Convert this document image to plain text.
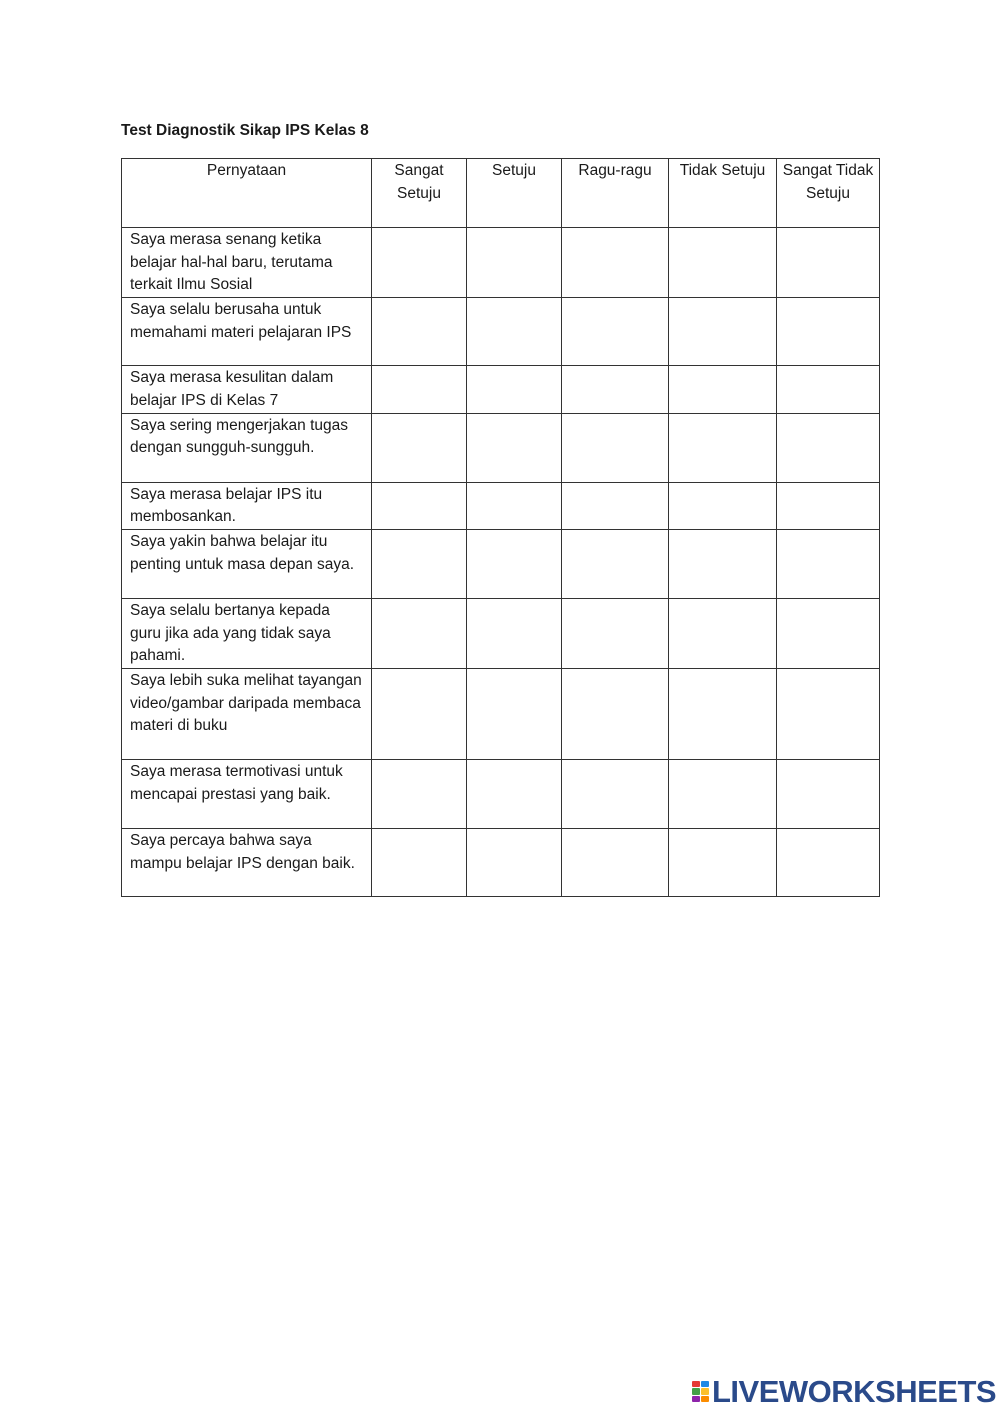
Test Diagnostik Sikap IPS Kelas 8
Pernyataan	Sangat Setuju	Setuju	Ragu-ragu	Tidak Setuju	Sangat Tidak Setuju
Saya merasa senang ketika belajar hal-hal baru, terutama terkait Ilmu Sosial					
Saya selalu berusaha untuk memahami materi pelajaran IPS					
Saya merasa kesulitan dalam belajar IPS di Kelas 7					
Saya sering mengerjakan tugas dengan sungguh-sungguh.					
Saya merasa belajar IPS itu membosankan.					
Saya yakin bahwa belajar itu penting untuk masa depan saya.					
Saya selalu bertanya kepada guru jika ada yang tidak saya pahami.					
Saya lebih suka melihat tayangan video/gambar daripada membaca materi di buku					
Saya merasa termotivasi untuk mencapai prestasi yang baik.					
Saya percaya bahwa saya mampu belajar IPS dengan baik.					
LIVEWORKSHEETS
